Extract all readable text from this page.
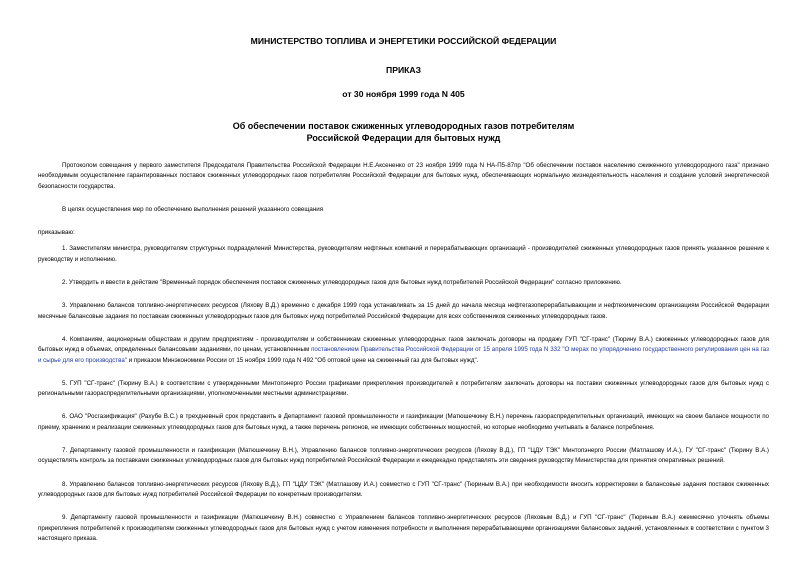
МИНИСТЕРСТВО ТОПЛИВА И ЭНЕРГЕТИКИ РОССИЙСКОЙ ФЕДЕРАЦИИ
ПРИКАЗ
от 30 ноября 1999 года N 405
Об обеспечении поставок сжиженных углеводородных газов потребителям
Российской Федерации для бытовых нужд

Протоколом совещания у первого заместителя Председателя Правительства Российской Федерации Н.Е.Аксененко от 23 ноября 1999 года N НА-П5-87пр "Об обеспечении поставок населению сжиженного углеводородного газа" признано необходимым осуществление гарантированных поставок сжиженных углеводородных газов потребителям Российской Федерации для бытовых нужд, обеспечивающих нормальную жизнедеятельность населения и создание условий энергетической безопасности государства.

В целях осуществления мер по обеспечению выполнения решений указанного совещания

приказываю:

1. Заместителям министра, руководителям структурных подразделений Министерства, руководителям нефтяных компаний и перерабатывающих организаций - производителей сжиженных углеводородных газов принять указанное решение к руководству и исполнению.

2. Утвердить и ввести в действие "Временный порядок обеспечения поставок сжиженных углеводородных газов для бытовых нужд потребителей Российской Федерации" согласно приложению.

3. Управлению балансов топливно-энергетических ресурсов (Ляхову В.Д.) временно с декабря 1999 года устанавливать за 15 дней до начала месяца нефтегазоперерабатывающим и нефтехимическим организациям Российской Федерации месячные балансовые задания по поставкам сжиженных углеводородных газов для бытовых нужд потребителей Российской Федерации для всех собственников сжиженных углеводородных газов.

4. Компаниям, акционерным обществам и другим предприятиям - производителям и собственникам сжиженных углеводородных газов заключать договоры на продажу ГУП "СГ-транс" (Тюрину В.А.) сжиженных углеводородных газов для бытовых нужд в объемах, определенных балансовыми заданиями, по ценам, установленным постановлением Правительства Российской Федерации от 15 апреля 1995 года N 332 "О мерах по упорядочению государственного регулирования цен на газ и сырье для его производства" и приказом Минэкономики России от 15 ноября 1999 года N 492 "Об оптовой цене на сжиженный газ для бытовых нужд".

5. ГУП "СГ-транс" (Тюрину В.А.) в соответствии с утвержденными Минтопэнерго России графиками прикрепления производителей к потребителям заключать договоры на поставки сжиженных углеводородных газов для бытовых нужд с региональными газораспределительными организациями, уполномоченными местными администрациями.

6. ОАО "Росгазификация" (Рахубе В.С.) в трехдневный срок представить в Департамент газовой промышленности и газификации (Матюшечкину В.Н.) перечень газораспределительных организаций, имеющих на своем балансе мощности по приему, хранению и реализации сжиженных углеводородных газов для бытовых нужд, а также перечень регионов, не имеющих собственных мощностей, но которые необходимо учитывать в балансе потребления.

7. Департаменту газовой промышленности и газификации (Матюшечкину В.Н.), Управлению балансов топливно-энергетических ресурсов (Ляхову В.Д.), ГП "ЦДУ ТЭК" Минтопэнерго России (Матлашову И.А.), ГУ "СГ-транс" (Тюрину В.А.) осуществлять контроль за поставками сжиженных углеводородных газов для бытовых нужд потребителей Российской Федерации и ежедекадно представлять эти сведения руководству Министерства для принятия оперативных решений.

8. Управлению балансов топливно-энергетических ресурсов (Ляхову В.Д.), ГП "ЦДУ ТЭК" (Матлашову И.А.) совместно с ГУП "СГ-транс" (Тюриным В.А.) при необходимости вносить корректировки в балансовые задания поставок сжиженных углеводородных газов для бытовых нужд потребителей Российской Федерации по конкретным производителям.

9. Департаменту газовой промышленности и газификации (Матюшечкину В.Н.) совместно с Управлением балансов топливно-энергетических ресурсов (Ляховым В.Д.) и ГУП "СГ-транс" (Тюриным В.А.) ежемесячно уточнять объемы прикрепления потребителей к производителям сжиженных углеводородных газов для бытовых нужд с учетом изменения потребности и выполнения перерабатывающими организациями балансовых заданий, установленных в соответствии с пунктом 3 настоящего приказа.
